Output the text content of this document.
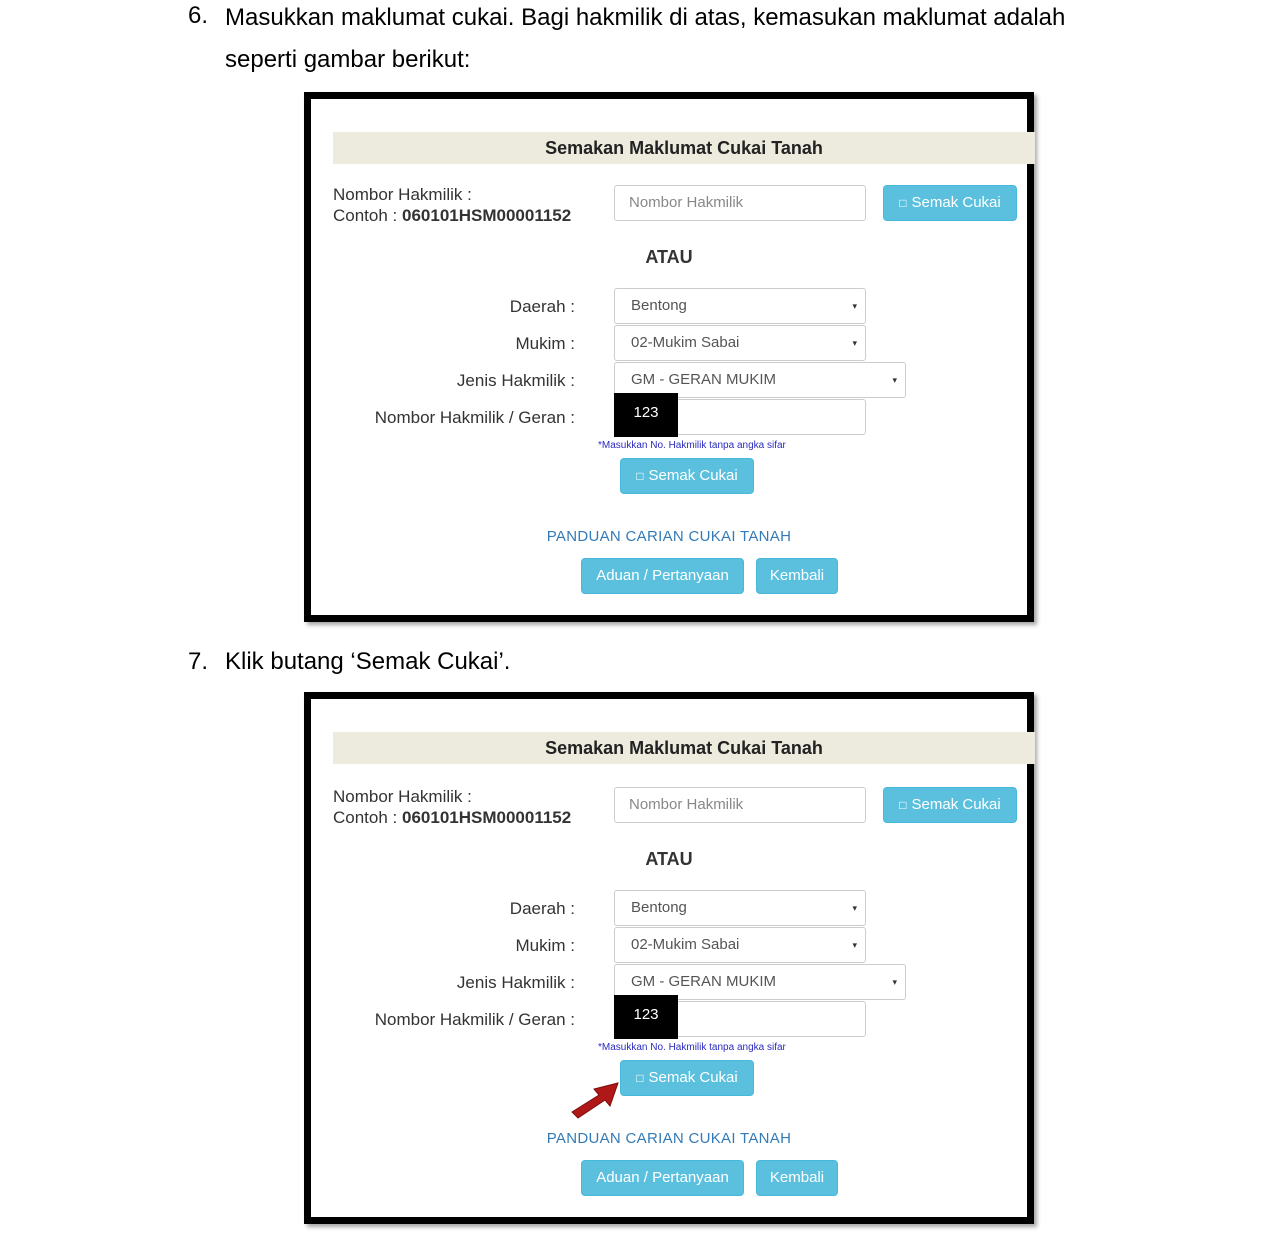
6. Masukkan maklumat cukai. Bagi hakmilik di atas, kemasukan maklumat adalah
seperti gambar berikut:
Semakan Maklumat Cukai Tanah
Nombor Hakmilik :
Contoh : 060101HSM00001152
Nombor Hakmilik	□ Semak Cukai
ATAU
Daerah :	Bentong	▾
Mukim :	02-Mukim Sabai	▾
Jenis Hakmilik :	GM - GERAN MUKIM	▾
Nombor Hakmilik / Geran :	123
*Masukkan No. Hakmilik tanpa angka sifar
□ Semak Cukai
PANDUAN CARIAN CUKAI TANAH
Aduan / Pertanyaan	Kembali
7. Klik butang ‘Semak Cukai’.
Semakan Maklumat Cukai Tanah
Nombor Hakmilik :
Contoh : 060101HSM00001152
Nombor Hakmilik	□ Semak Cukai
ATAU
Daerah :	Bentong	▾
Mukim :	02-Mukim Sabai	▾
Jenis Hakmilik :	GM - GERAN MUKIM	▾
Nombor Hakmilik / Geran :	123
*Masukkan No. Hakmilik tanpa angka sifar
□ Semak Cukai
PANDUAN CARIAN CUKAI TANAH
Aduan / Pertanyaan	Kembali
